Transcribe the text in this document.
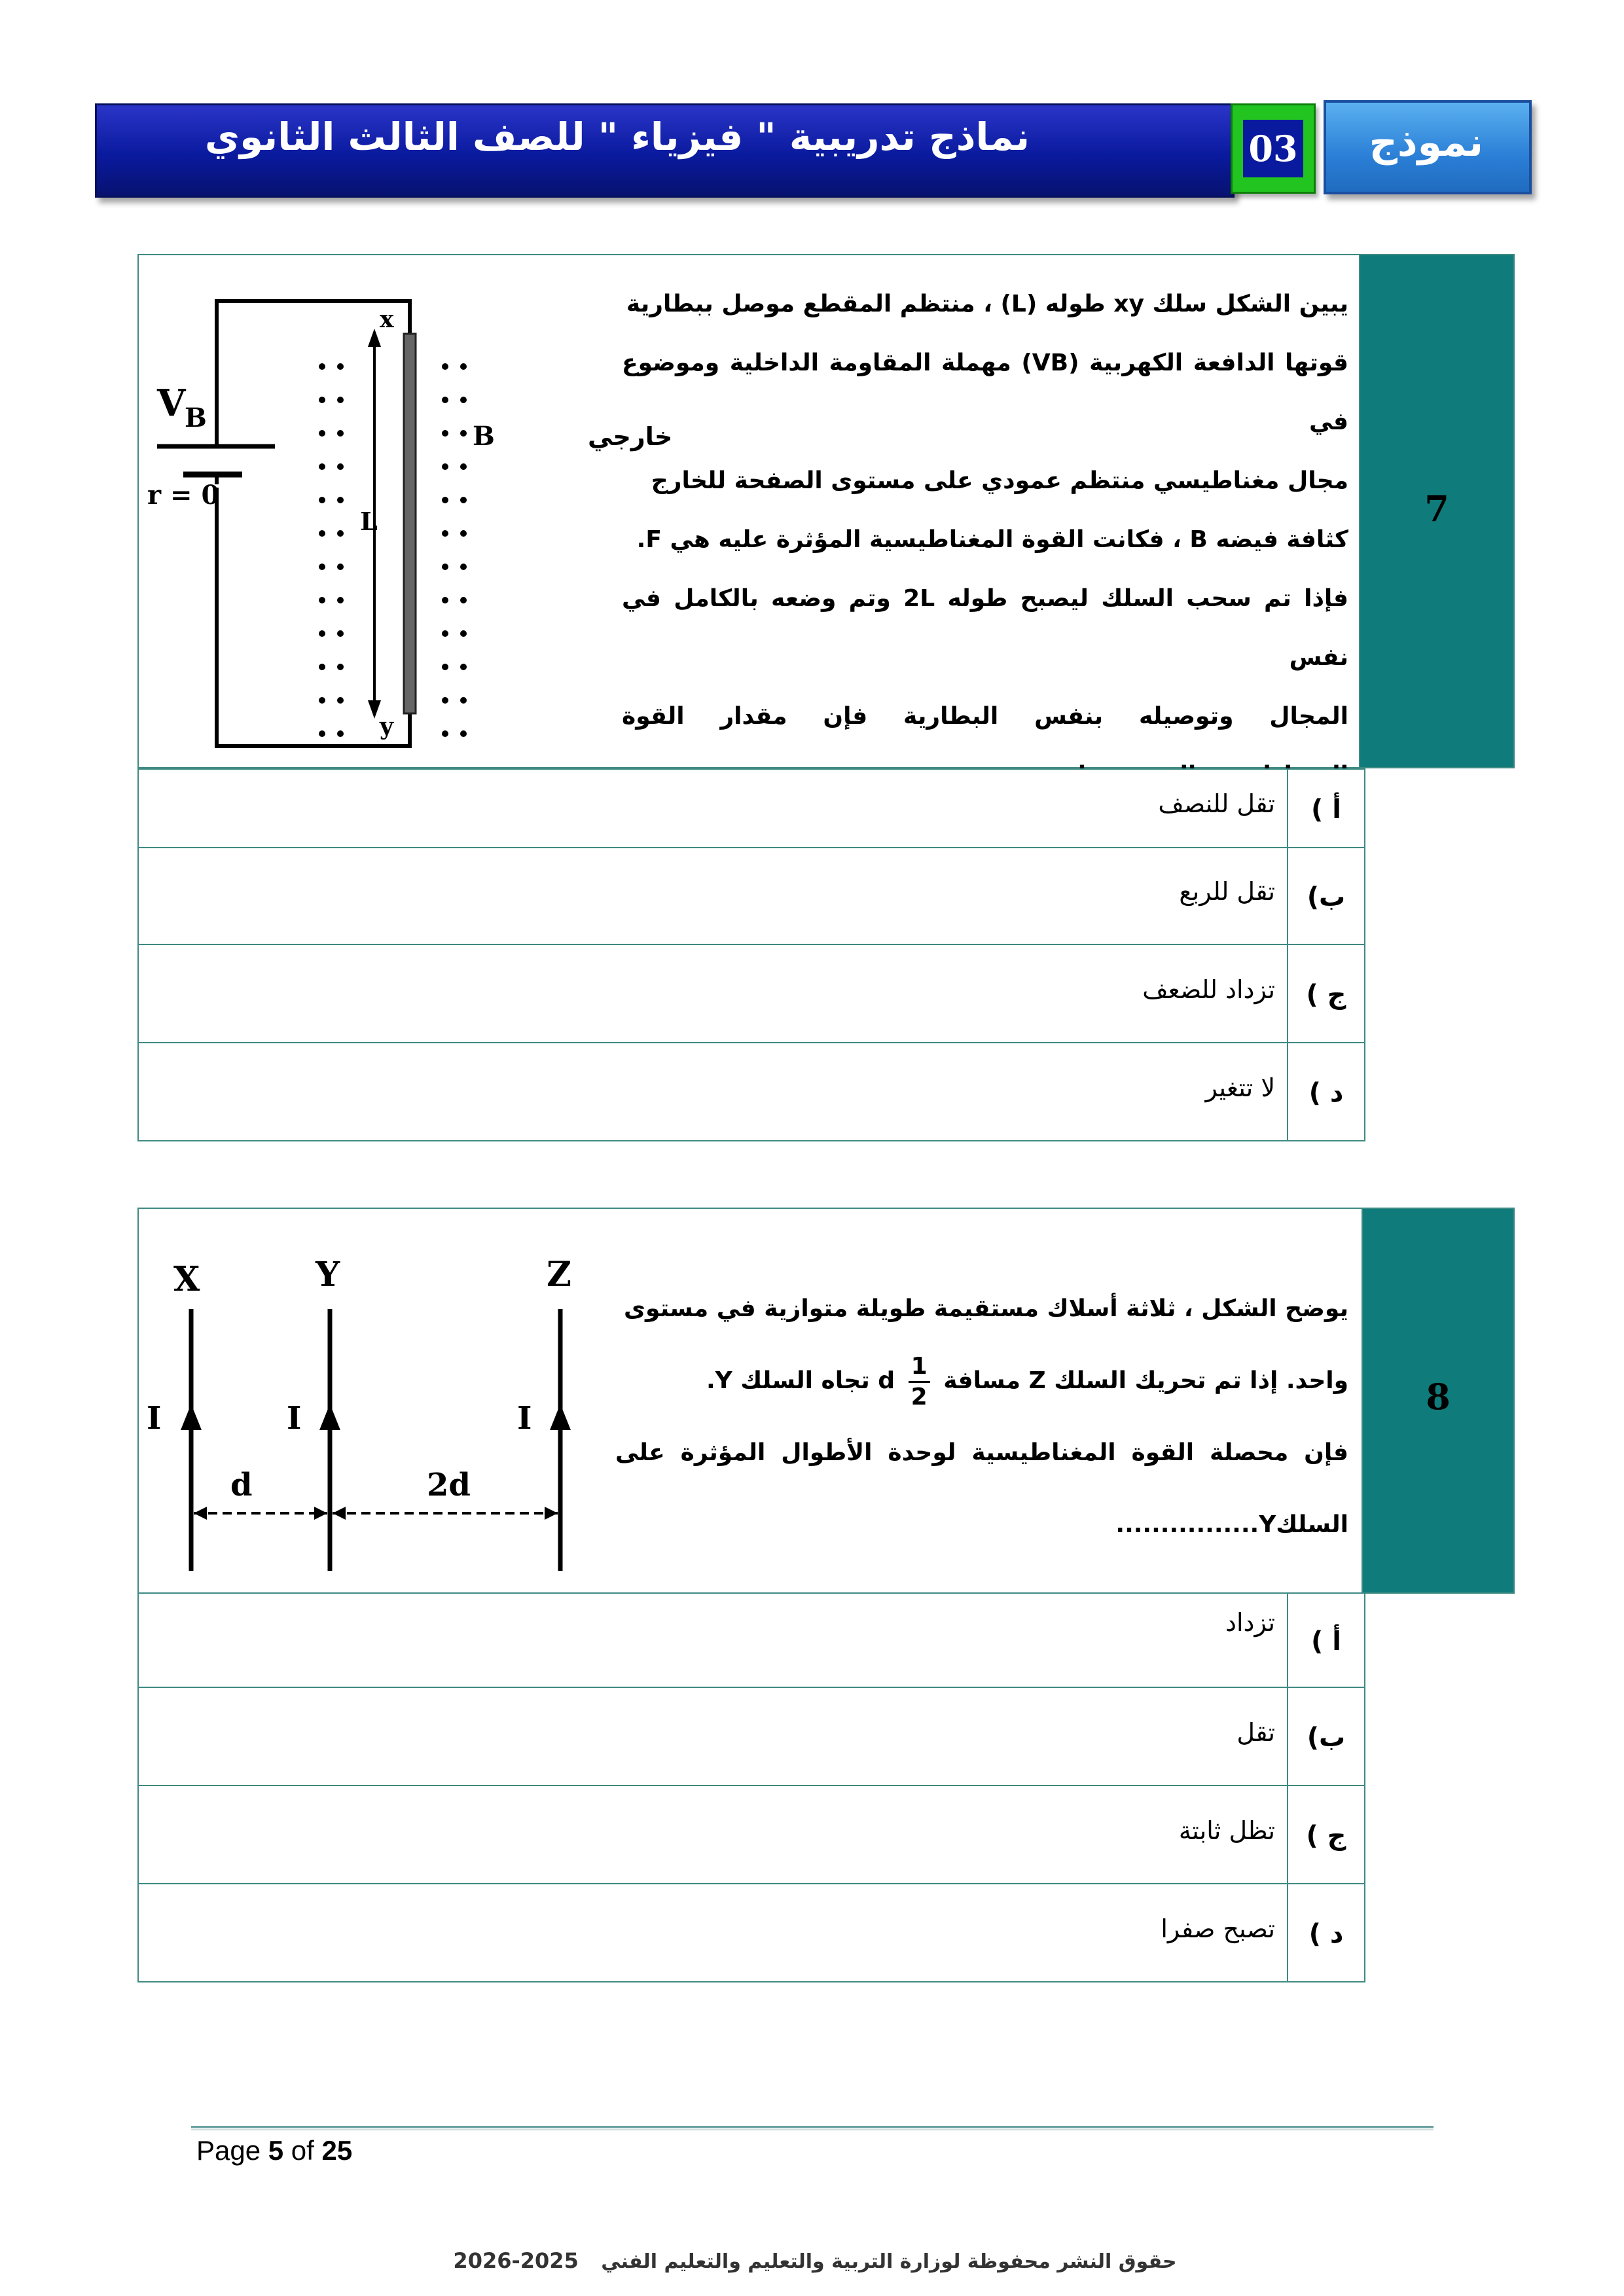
نماذج تدريبية " فيزياء " للصف الثالث الثانوي	03 نموذج
7

يبين الشكل سلك xy طوله (L) ، منتظم المقطع موصل ببطارية

قوتها الدافعة الكهربية (VB) مهملة المقاومة الداخلية وموضوع في

مجال مغناطيسي منتظم عمودي على مستوى الصفحة للخارج

كثافة فيضه B ، فكانت القوة المغناطيسية المؤثرة عليه هي F.

فإذا تم سحب السلك ليصبح طوله 2L وتم وضعه بالكامل في نفس

المجال وتوصيله بنفس البطارية فإن مقدار القوة

V
B
r = 0
x
y
L
B	خارجي
أ )
تقل للنصف
ب)
تقل للربع
ج )
تزداد للضعف
د )
لا تتغير
8

يوضح الشكل ، ثلاثة أسلاك مستقيمة طويلة متوازية في مستوى

واحد. إذا تم تحريك السلك Z مسافة
$\frac{1}{2}$
d تجاه السلك Y.

فإن محصلة القوة المغناطيسية لوحدة الأطوال المؤثرة على

السلكY................

X	Y	Z
I	I	I
d	2d
أ )
تزداد
ب)
تقل
ج )
تظل ثابتة
د )
تصبح صفرا
Page 5 of 25
حقوق النشر محفوظة لوزارة التربية والتعليم والتعليم الفني 2025-2026
